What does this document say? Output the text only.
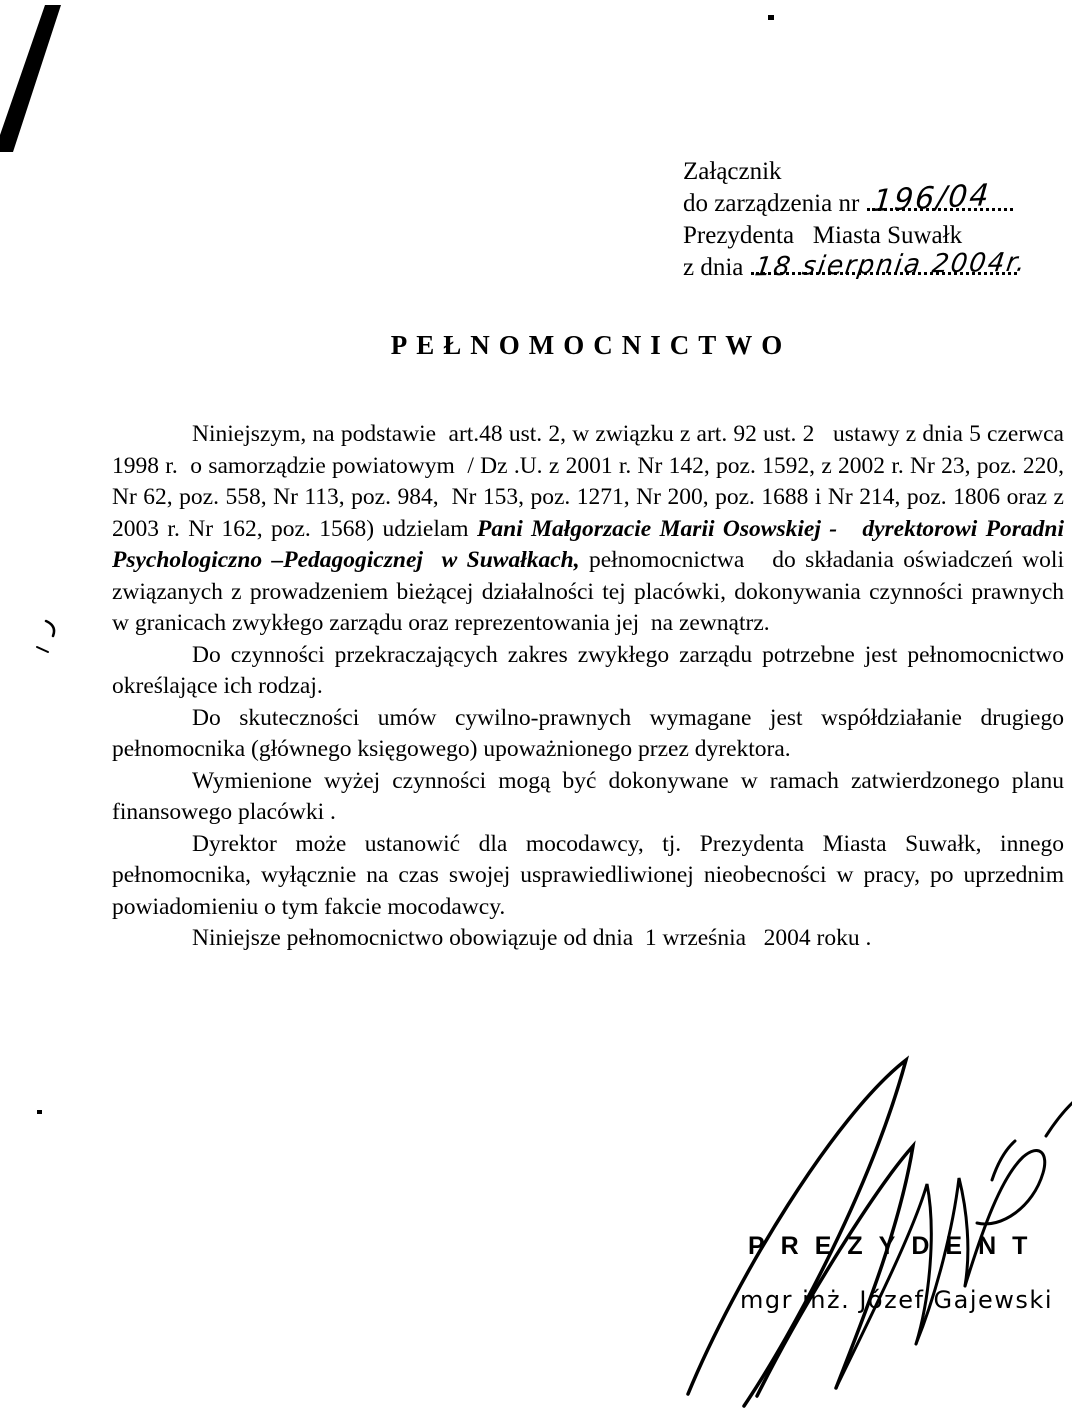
Załącznik
do zarządzenia nr 196/04
Prezydenta   Miasta Suwałk
z dnia 18 sierpnia 2004r.
PEŁNOMOCNICTWO

Niniejszym, na podstawie  art.48 ust. 2, w związku z art. 92 ust. 2   ustawy z dnia 5 czerwca 1998 r.  o samorządzie powiatowym  / Dz .U. z 2001 r. Nr 142, poz. 1592, z 2002 r. Nr 23, poz. 220, Nr 62, poz. 558, Nr 113, poz. 984,  Nr 153, poz. 1271, Nr 200, poz. 1688 i Nr 214, poz. 1806 oraz z 2003 r. Nr 162, poz. 1568) udzielam Pani Małgorzacie Marii Osowskiej -   dyrektorowi Poradni Psychologiczno –Pedagogicznej  w Suwałkach, pełnomocnictwa   do składania oświadczeń woli związanych z prowadzeniem bieżącej działalności tej placówki, dokonywania czynności prawnych w granicach zwykłego zarządu oraz reprezentowania jej  na zewnątrz.

Do czynności przekraczających zakres zwykłego zarządu potrzebne jest pełnomocnictwo określające ich rodzaj.

Do skuteczności umów cywilno-prawnych wymagane jest współdziałanie drugiego pełnomocnika (głównego księgowego) upoważnionego przez dyrektora.

Wymienione wyżej czynności mogą być dokonywane w ramach zatwierdzonego planu finansowego placówki .

Dyrektor może ustanowić dla mocodawcy, tj. Prezydenta Miasta Suwałk, innego pełnomocnika, wyłącznie na czas swojej usprawiedliwionej nieobecności w pracy, po uprzednim powiadomieniu o tym fakcie mocodawcy.

Niniejsze pełnomocnictwo obowiązuje od dnia  1 września   2004 roku .

PREZYDENT
mgr inż. Józef Gajewski
